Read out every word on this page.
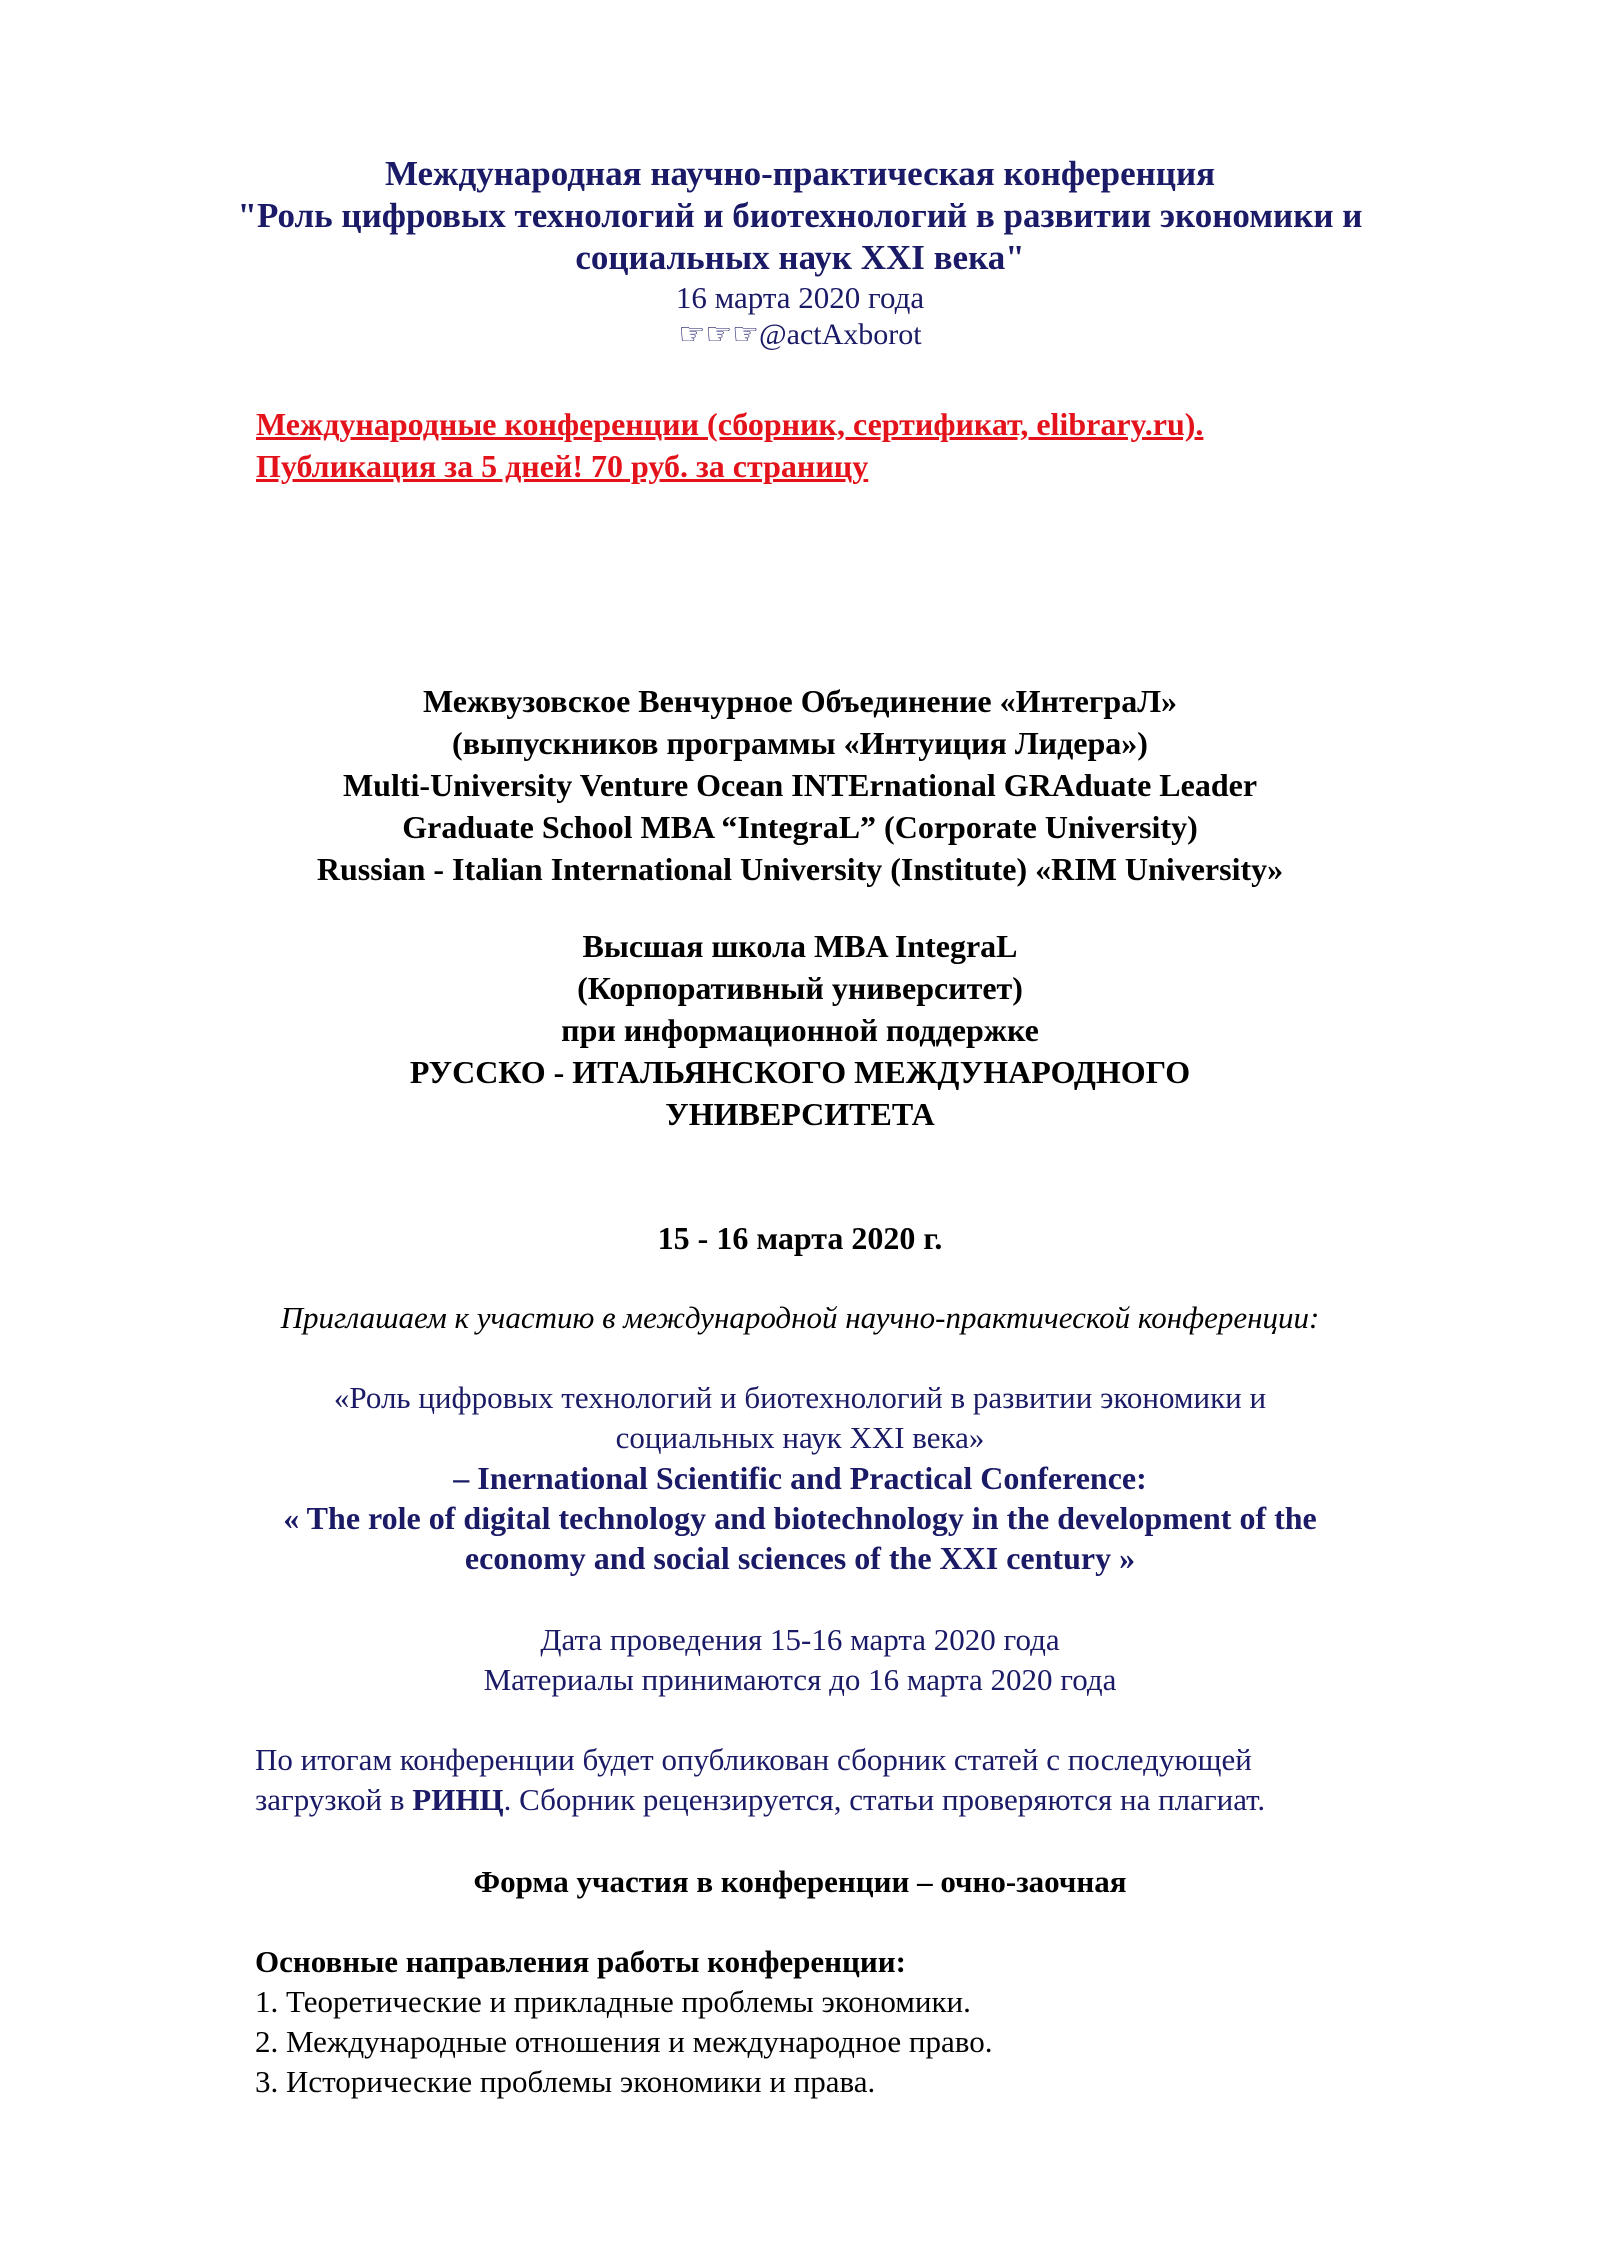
Международная научно-практическая конференция
"Роль цифровых технологий и биотехнологий в развитии экономики и
социальных наук XXI века"
16 марта 2020 года
☞☞☞@actAxborot
Международные конференции (сборник, сертификат, elibrary.ru).
Публикация за 5 дней! 70 руб. за страницу
Межвузовское Венчурное Объединение «ИнтеграЛ»
(выпускников программы «Интуиция Лидера»)
Multi-University Venture Ocean INTErnational GRAduate Leader
Graduate School MBA “IntegraL” (Corporate University)
Russian - Italian International University (Institute) «RIM University»
Высшая школа MBA IntegraL
(Корпоративный университет)
при информационной поддержке
РУССКО - ИТАЛЬЯНСКОГО МЕЖДУНАРОДНОГО
УНИВЕРСИТЕТА
15 - 16 марта 2020 г.
Приглашаем к участию в международной научно-практической конференции:
«Роль цифровых технологий и биотехнологий в развитии экономики и
социальных наук XXI века»
– Inernational Scientific and Practical Conference:
« The role of digital technology and biotechnology in the development of the
economy and social sciences of the XXI century »
Дата проведения 15-16 марта 2020 года
Материалы принимаются до 16 марта 2020 года
По итогам конференции будет опубликован сборник статей с последующей
загрузкой в РИНЦ. Сборник рецензируется, статьи проверяются на плагиат.
Форма участия в конференции – очно-заочная
Основные направления работы конференции:
1. Теоретические и прикладные проблемы экономики.
2. Международные отношения и международное право.
3. Исторические проблемы экономики и права.
